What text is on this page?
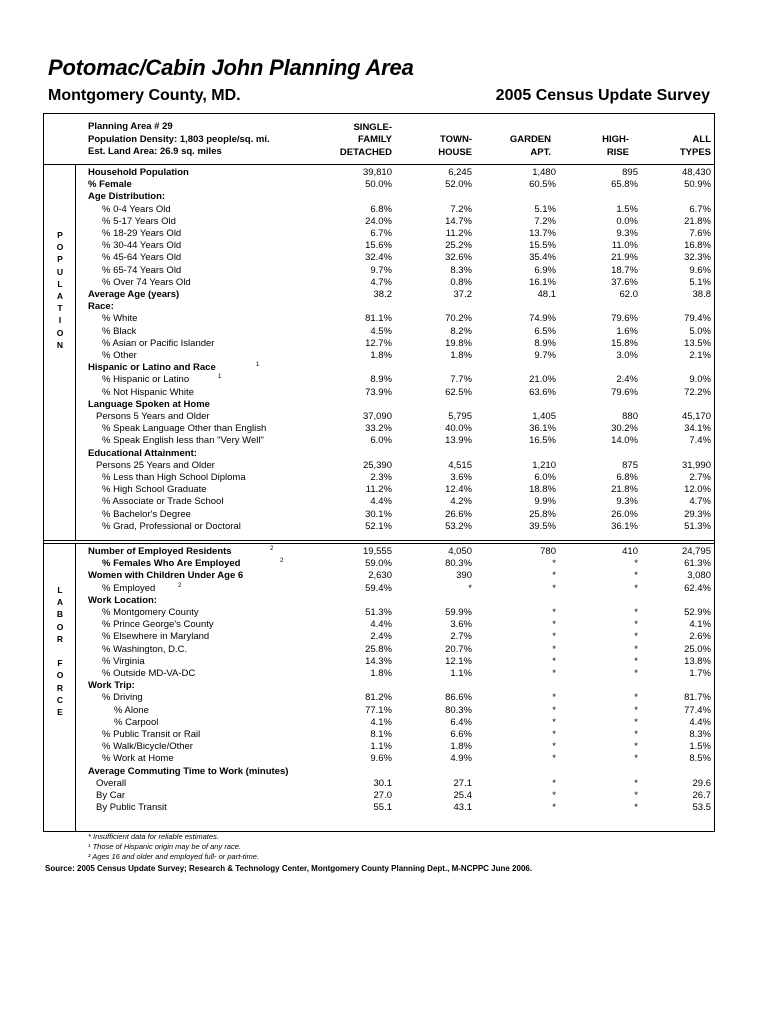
Potomac/Cabin John Planning Area
Montgomery County, MD.	2005 Census Update Survey
Planning Area # 29
Population Density: 1,803 people/sq. mi.
Est. Land Area: 26.9 sq. miles
SINGLE-
FAMILY
DETACHED
TOWN-
HOUSE
GARDEN
APT.
HIGH-
RISE
ALL
TYPES
P
O
P
U
L
A
T
I
O
N
L
A
B
O
R

F
O
R
C
E
Household Population	39,810	6,245	1,480	895	48,430
% Female	50.0%	52.0%	60.5%	65.8%	50.9%
Age Distribution:
% 0-4 Years Old	6.8%	7.2%	5.1%	1.5%	6.7%
% 5-17 Years Old	24.0%	14.7%	7.2%	0.0%	21.8%
% 18-29 Years Old	6.7%	11.2%	13.7%	9.3%	7.6%
% 30-44 Years Old	15.6%	25.2%	15.5%	11.0%	16.8%
% 45-64 Years Old	32.4%	32.6%	35.4%	21.9%	32.3%
% 65-74 Years Old	9.7%	8.3%	6.9%	18.7%	9.6%
% Over 74 Years Old	4.7%	0.8%	16.1%	37.6%	5.1%
Average Age (years)	38.2	37.2	48.1	62.0	38.8
Race:
% White	81.1%	70.2%	74.9%	79.6%	79.4%
% Black	4.5%	8.2%	6.5%	1.6%	5.0%
% Asian or Pacific Islander	12.7%	19.8%	8.9%	15.8%	13.5%
% Other	1.8%	1.8%	9.7%	3.0%	2.1%
Hispanic or Latino and Race	1
% Hispanic or Latino	1	8.9%	7.7%	21.0%	2.4%	9.0%
% Not Hispanic White	73.9%	62.5%	63.6%	79.6%	72.2%
Language Spoken at Home
Persons 5 Years and Older	37,090	5,795	1,405	880	45,170
% Speak Language Other than English	33.2%	40.0%	36.1%	30.2%	34.1%
% Speak English less than "Very Well"	6.0%	13.9%	16.5%	14.0%	7.4%
Educational Attainment:
Persons 25 Years and Older	25,390	4,515	1,210	875	31,990
% Less than High School Diploma	2.3%	3.6%	6.0%	6.8%	2.7%
% High School Graduate	11.2%	12.4%	18.8%	21.8%	12.0%
% Associate or Trade School	4.4%	4.2%	9.9%	9.3%	4.7%
% Bachelor's Degree	30.1%	26.6%	25.8%	26.0%	29.3%
% Grad, Professional or Doctoral	52.1%	53.2%	39.5%	36.1%	51.3%
Number of Employed Residents	2	19,555	4,050	780	410	24,795
% Females Who Are Employed	2	59.0%	80.3%	*	*	61.3%
Women with Children Under Age 6	2,630	390	*	*	3,080
% Employed	2	59.4%	*	*	*	62.4%
Work Location:
% Montgomery County	51.3%	59.9%	*	*	52.9%
% Prince George's County	4.4%	3.6%	*	*	4.1%
% Elsewhere in Maryland	2.4%	2.7%	*	*	2.6%
% Washington, D.C.	25.8%	20.7%	*	*	25.0%
% Virginia	14.3%	12.1%	*	*	13.8%
% Outside MD-VA-DC	1.8%	1.1%	*	*	1.7%
Work Trip:
% Driving	81.2%	86.6%	*	*	81.7%
% Alone	77.1%	80.3%	*	*	77.4%
% Carpool	4.1%	6.4%	*	*	4.4%
% Public Transit or Rail	8.1%	6.6%	*	*	8.3%
% Walk/Bicycle/Other	1.1%	1.8%	*	*	1.5%
% Work at Home	9.6%	4.9%	*	*	8.5%
Average Commuting Time to Work (minutes)
Overall	30.1	27.1	*	*	29.6
By Car	27.0	25.4	*	*	26.7
By Public Transit	55.1	43.1	*	*	53.5
* Insufficient data for reliable estimates.
¹ Those of Hispanic origin may be of any race.
² Ages 16 and older and employed full- or part-time.
Source: 2005 Census Update Survey; Research & Technology Center, Montgomery County Planning Dept., M-NCPPC June 2006.
